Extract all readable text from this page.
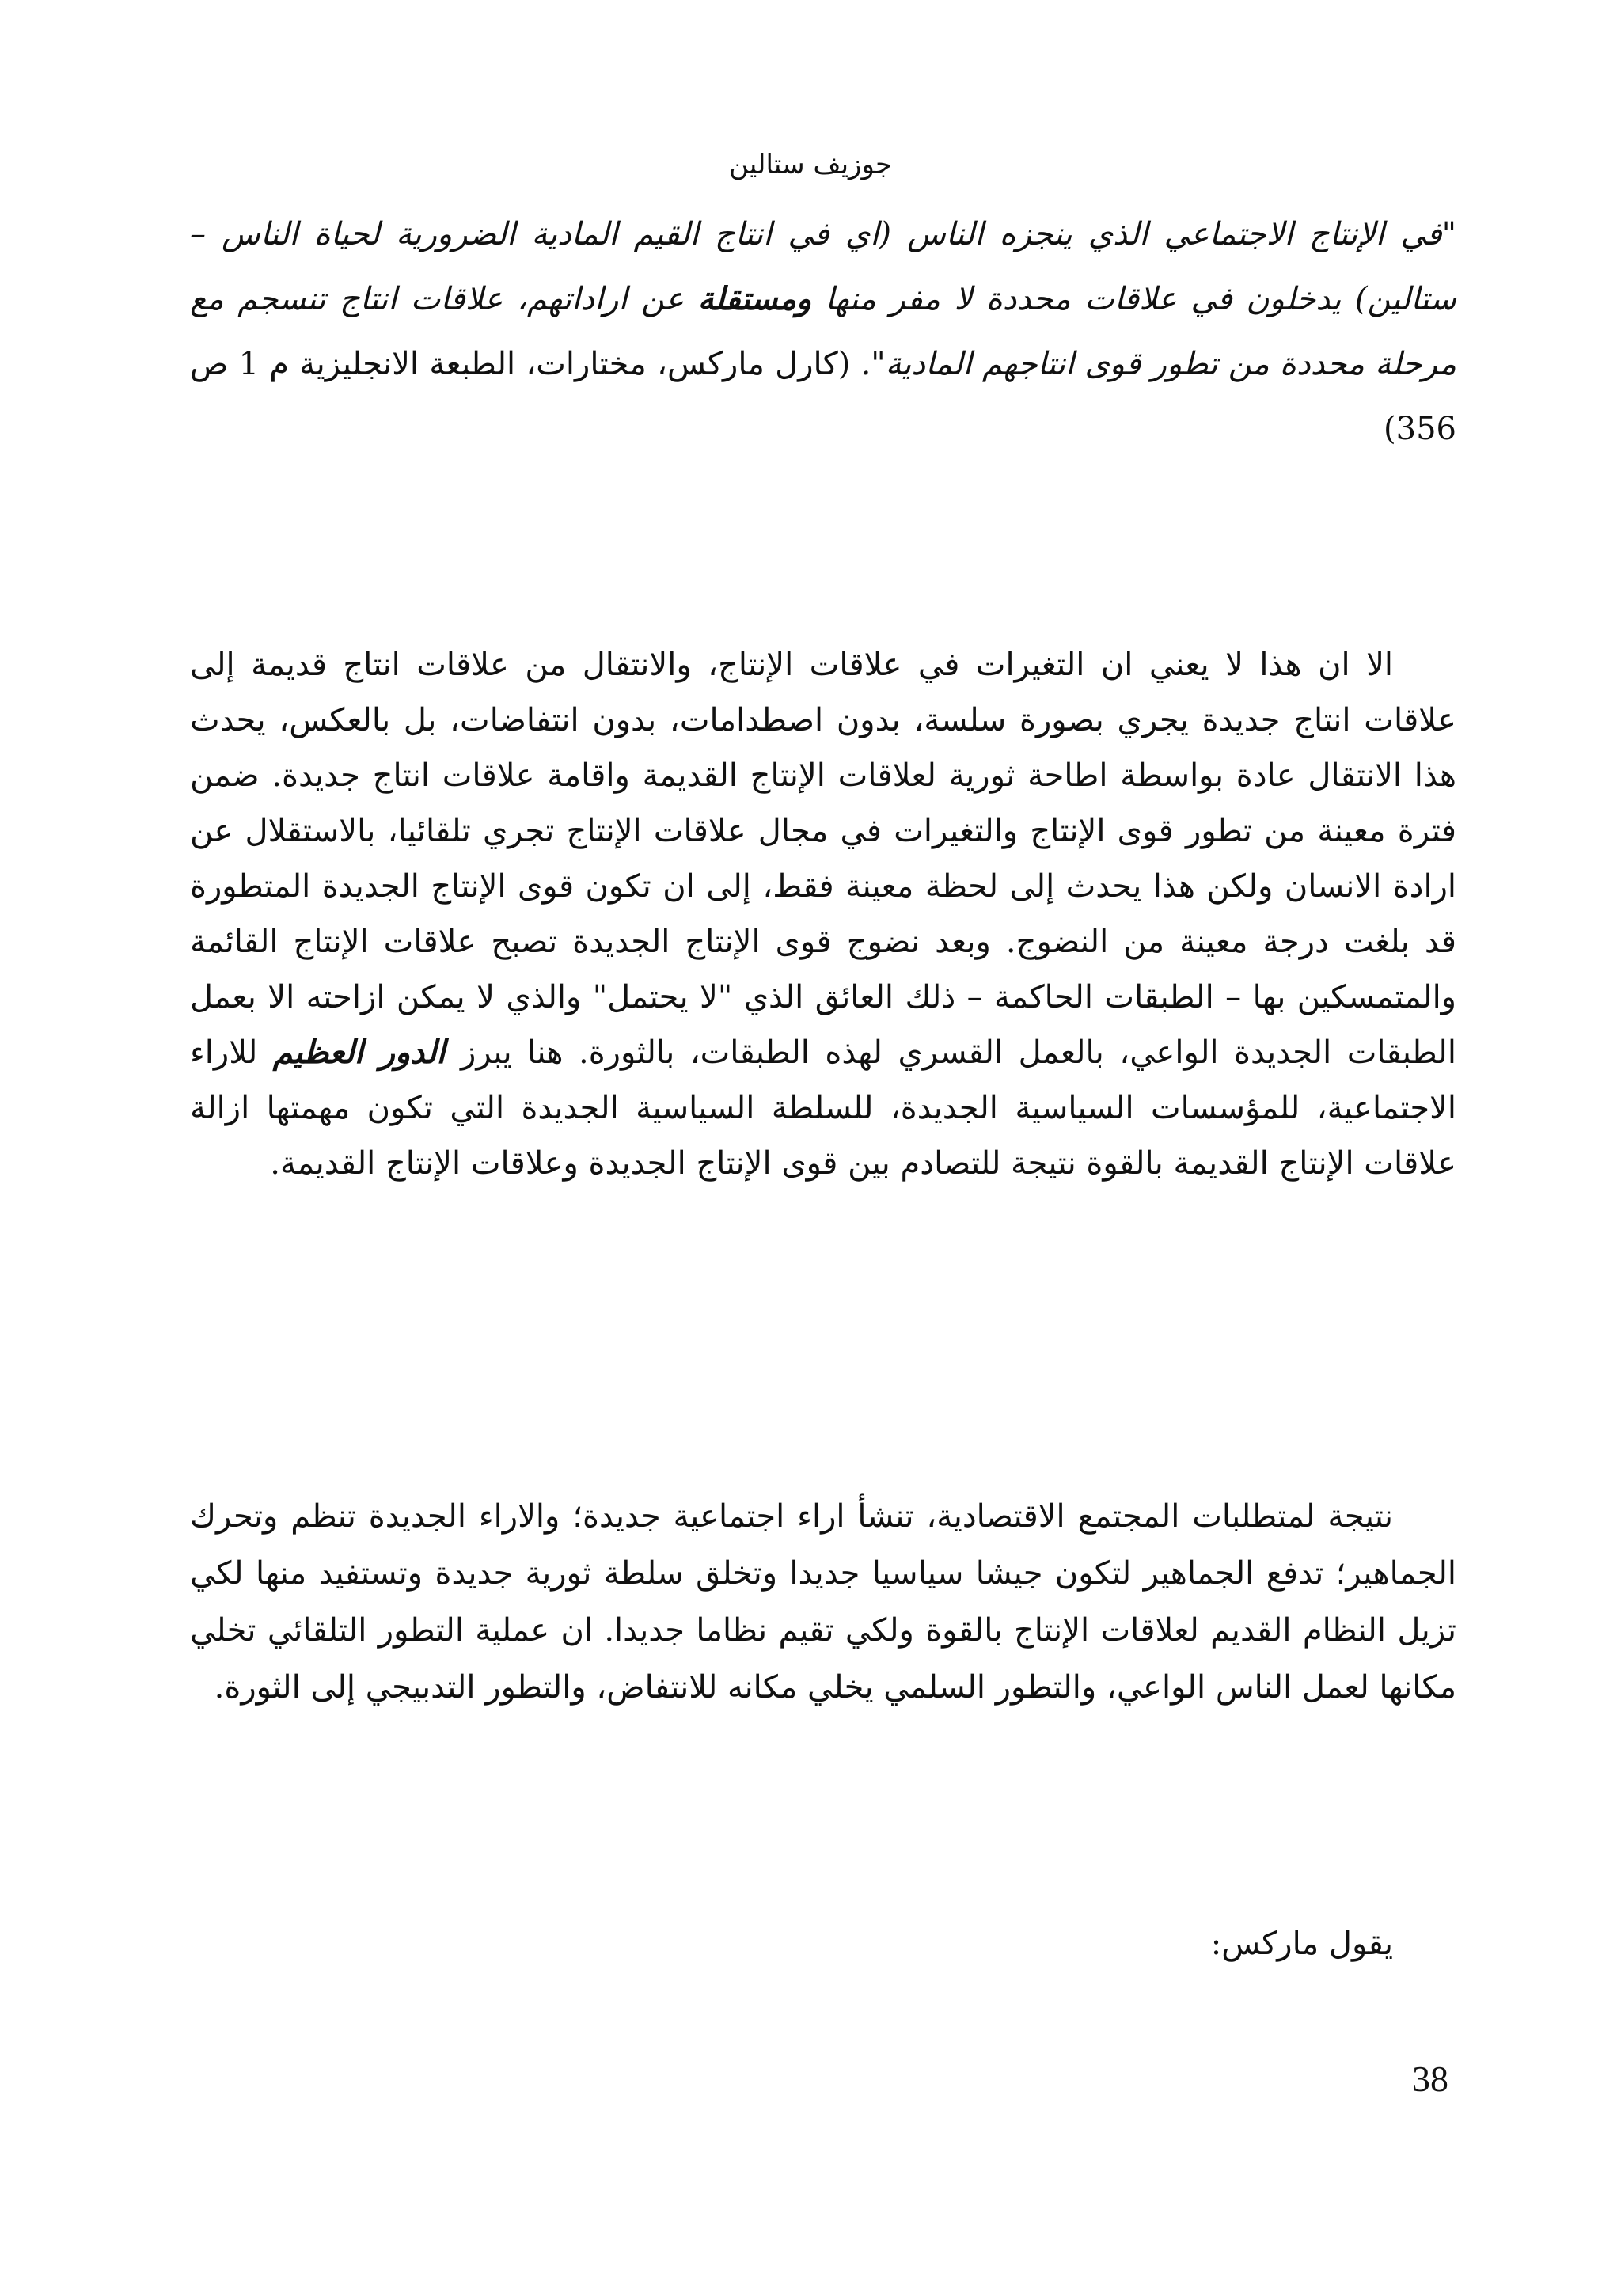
جوزيف ستالين

"في الإنتاج الاجتماعي الذي ينجزه الناس (اي في انتاج القيم المادية الضرورية لحياة الناس – ستالين) يدخلون في علاقات محددة لا مفر منها ومستقلة عن اراداتهم، علاقات انتاج تنسجم مع مرحلة محددة من تطور قوى انتاجهم المادية". (كارل ماركس، مختارات، الطبعة الانجليزية م 1 ص 356)

الا ان هذا لا يعني ان التغيرات في علاقات الإنتاج، والانتقال من علاقات انتاج قديمة إلى علاقات انتاج جديدة يجري بصورة سلسة، بدون اصطدامات، بدون انتفاضات، بل بالعكس، يحدث هذا الانتقال عادة بواسطة اطاحة ثورية لعلاقات الإنتاج القديمة واقامة علاقات انتاج جديدة. ضمن فترة معينة من تطور قوى الإنتاج والتغيرات في مجال علاقات الإنتاج تجري تلقائيا، بالاستقلال عن ارادة الانسان ولكن هذا يحدث إلى لحظة معينة فقط، إلى ان تكون قوى الإنتاج الجديدة المتطورة قد بلغت درجة معينة من النضوج. وبعد نضوج قوى الإنتاج الجديدة تصبح علاقات الإنتاج القائمة والمتمسكين بها – الطبقات الحاكمة – ذلك العائق الذي "لا يحتمل" والذي لا يمكن ازاحته الا بعمل الطبقات الجديدة الواعي، بالعمل القسري لهذه الطبقات، بالثورة. هنا يبرز الدور العظيم للاراء الاجتماعية، للمؤسسات السياسية الجديدة، للسلطة السياسية الجديدة التي تكون مهمتها ازالة علاقات الإنتاج القديمة بالقوة نتيجة للتصادم بين قوى الإنتاج الجديدة وعلاقات الإنتاج القديمة.

نتيجة لمتطلبات المجتمع الاقتصادية، تنشأ اراء اجتماعية جديدة؛ والاراء الجديدة تنظم وتحرك الجماهير؛ تدفع الجماهير لتكون جيشا سياسيا جديدا وتخلق سلطة ثورية جديدة وتستفيد منها لكي تزيل النظام القديم لعلاقات الإنتاج بالقوة ولكي تقيم نظاما جديدا. ان عملية التطور التلقائي تخلي مكانها لعمل الناس الواعي، والتطور السلمي يخلي مكانه للانتفاض، والتطور التدبيجي إلى الثورة.

يقول ماركس:

38
